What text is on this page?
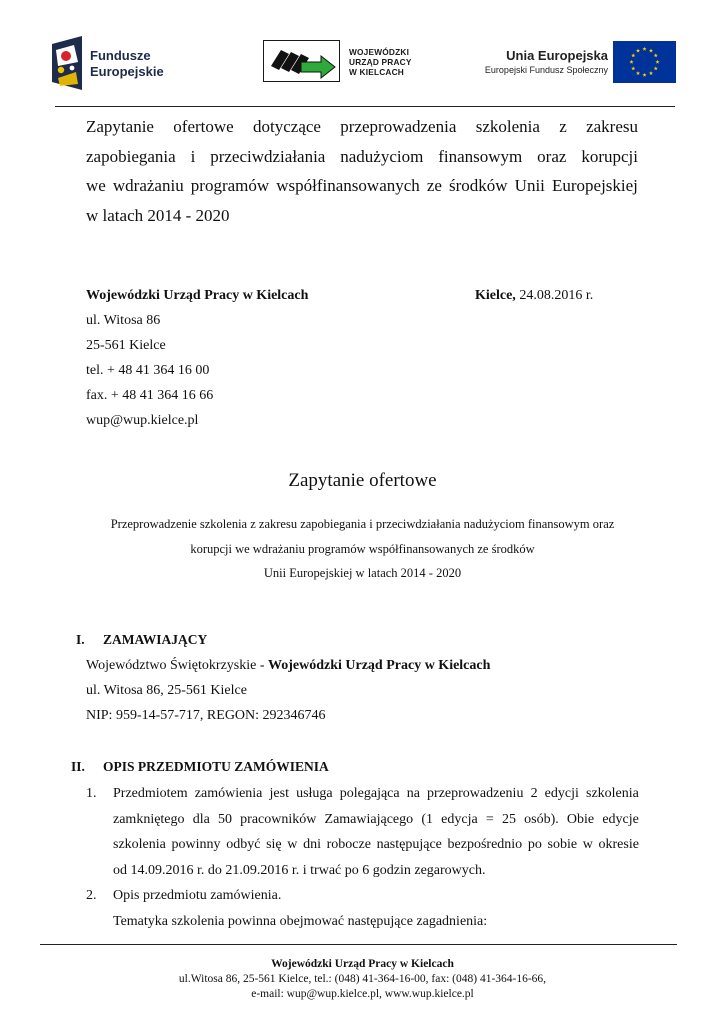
Fundusze
Europejskie
WOJEWÓDZKI
URZĄD PRACY
W KIELCACH
Unia Europejska
Europejski Fundusz Społeczny
Zapytanie ofertowe dotyczące przeprowadzenia szkolenia z zakresu
zapobiegania i przeciwdziałania nadużyciom finansowym oraz korupcji
we wdrażaniu programów współfinansowanych ze środków Unii Europejskiej
w latach 2014 - 2020
Wojewódzki Urząd Pracy w Kielcach
ul. Witosa 86
25-561 Kielce
tel. + 48 41 364 16 00
fax. + 48 41 364 16 66
wup@wup.kielce.pl
Kielce, 24.08.2016 r.
Zapytanie ofertowe
Przeprowadzenie szkolenia z zakresu zapobiegania i przeciwdziałania nadużyciom finansowym oraz
korupcji we wdrażaniu programów współfinansowanych ze środków
Unii Europejskiej w latach 2014 - 2020
I. ZAMAWIAJĄCY
Województwo Świętokrzyskie - Wojewódzki Urząd Pracy w Kielcach
ul. Witosa 86, 25-561 Kielce
NIP: 959-14-57-717, REGON: 292346746
II. OPIS PRZEDMIOTU ZAMÓWIENIA
1. Przedmiotem zamówienia jest usługa polegająca na przeprowadzeniu 2 edycji szkolenia
zamkniętego dla 50 pracowników Zamawiającego (1 edycja = 25 osób). Obie edycje
szkolenia powinny odbyć się w dni robocze następujące bezpośrednio po sobie w okresie
od 14.09.2016 r. do 21.09.2016 r. i trwać po 6 godzin zegarowych.
2. Opis przedmiotu zamówienia.
Tematyka szkolenia powinna obejmować następujące zagadnienia:
Wojewódzki Urząd Pracy w Kielcach
ul.Witosa 86, 25-561 Kielce, tel.: (048) 41-364-16-00, fax: (048) 41-364-16-66,
e-mail: wup@wup.kielce.pl, www.wup.kielce.pl
